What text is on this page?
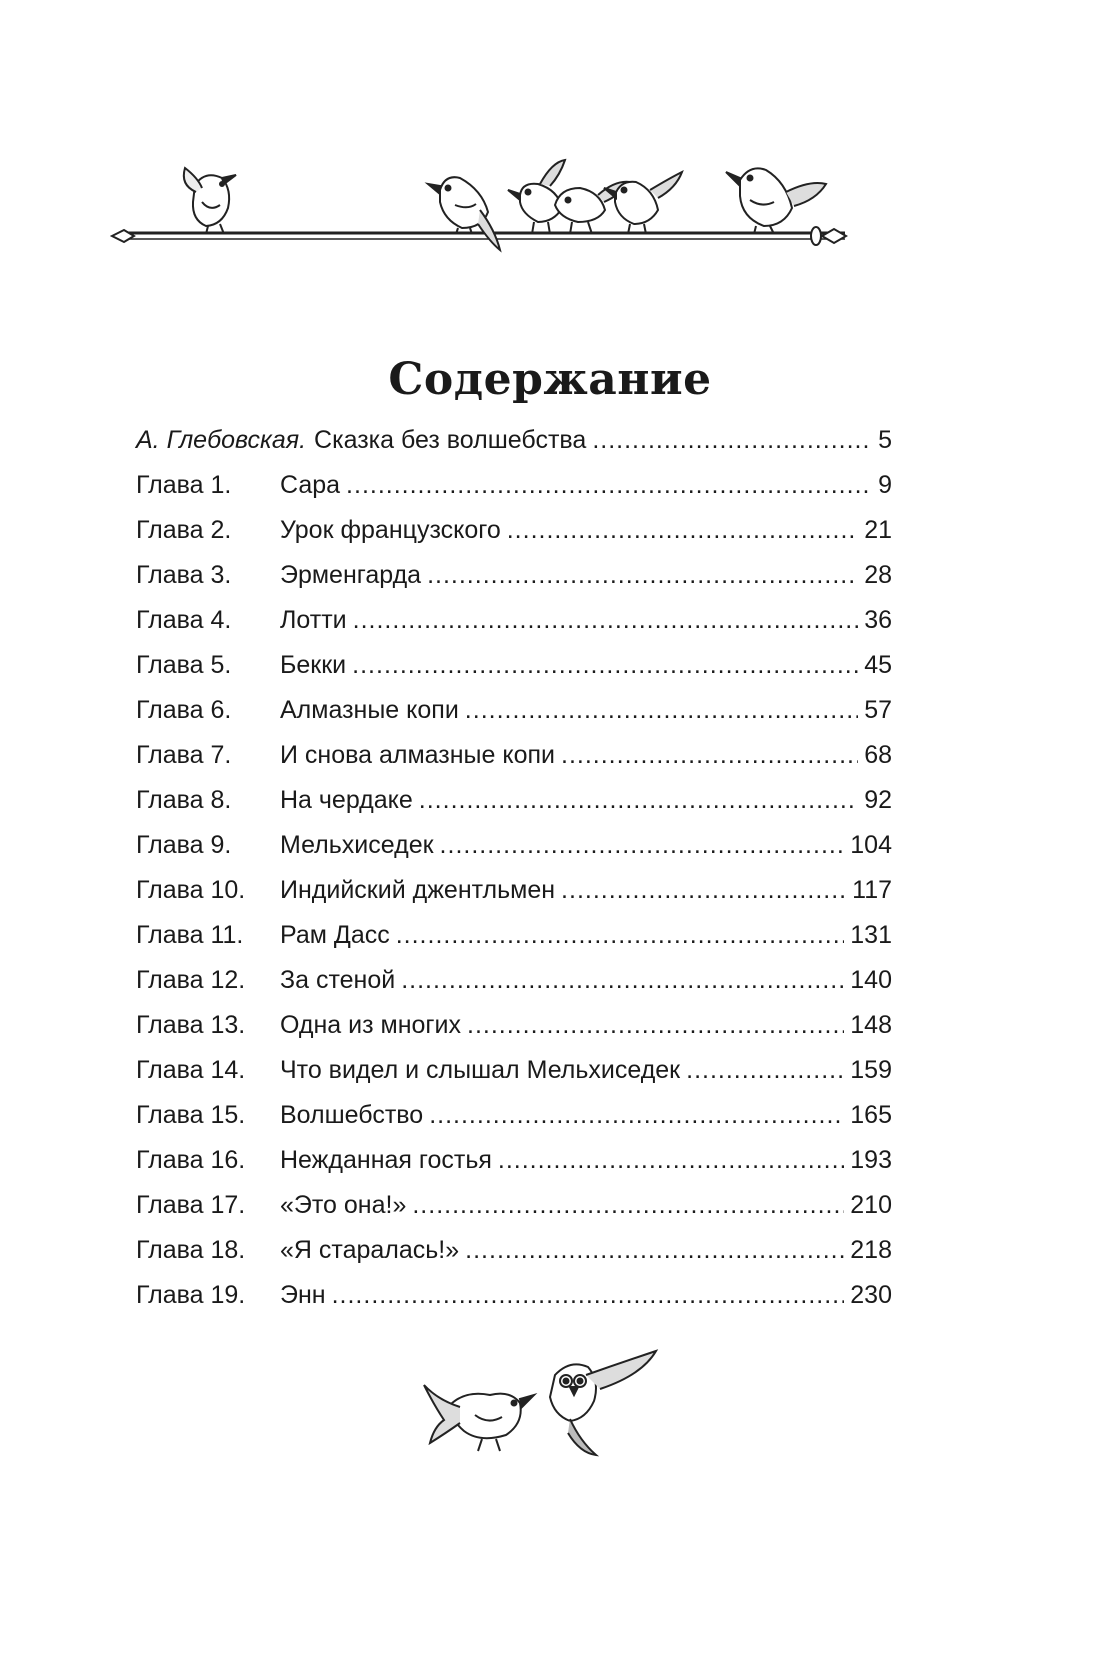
Содержание
А. Глебовская. Сказка без волшебства .....	5
Глава 1.	Сара .....	9
Глава 2.	Урок французского .....	21
Глава 3.	Эрменгарда .....	28
Глава 4.	Лотти .....	36
Глава 5.	Бекки .....	45
Глава 6.	Алмазные копи .....	57
Глава 7.	И снова алмазные копи .....	68
Глава 8.	На чердаке .....	92
Глава 9.	Мельхиседек .....	104
Глава 10.	Индийский джентльмен .....	117
Глава 11.	Рам Дасс .....	131
Глава 12.	За стеной .....	140
Глава 13.	Одна из многих .....	148
Глава 14.	Что видел и слышал Мельхиседек .....	159
Глава 15.	Волшебство .....	165
Глава 16.	Нежданная гостья .....	193
Глава 17.	«Это она!» .....	210
Глава 18.	«Я старалась!» .....	218
Глава 19.	Энн .....	230
